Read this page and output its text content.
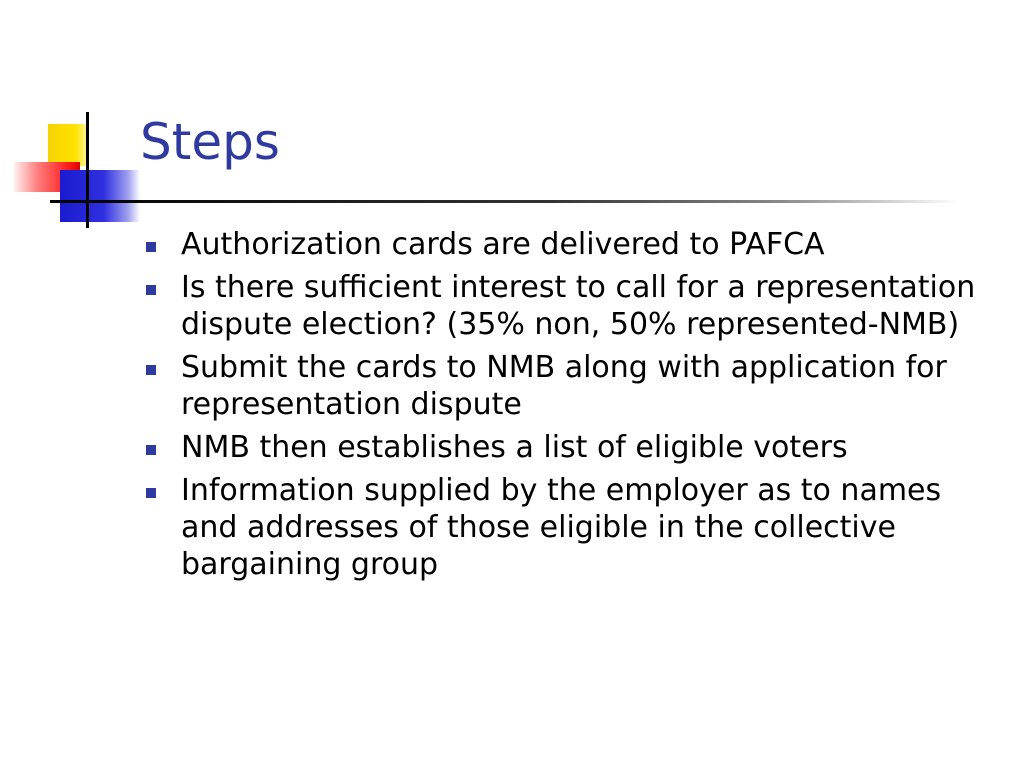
Steps
Authorization cards are delivered to PAFCA
Is there sufficient interest to call for a representation dispute election? (35% non, 50% represented-NMB)
Submit the cards to NMB along with application for representation dispute
NMB then establishes a list of eligible voters
Information supplied by the employer as to names and addresses of those eligible in the collective bargaining group
